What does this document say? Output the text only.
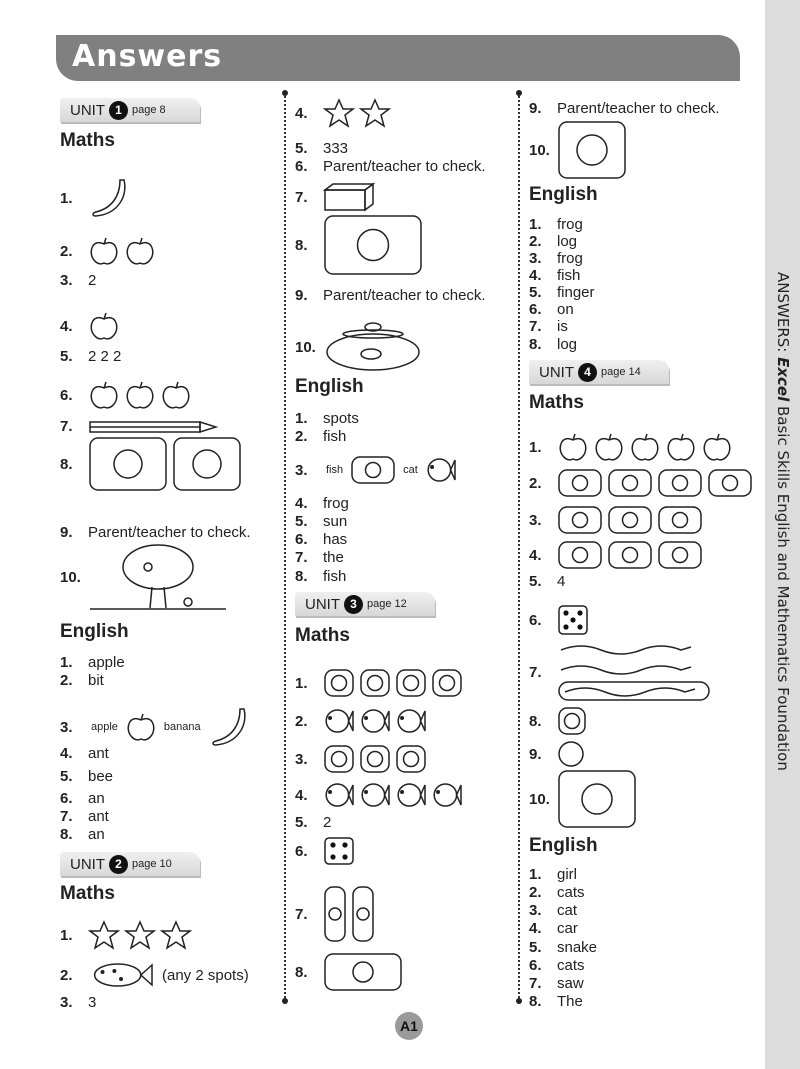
Answers
ANSWERS: Excel Basic Skills English and Mathematics Foundation
UNIT 1 page 8
Maths
1.
2.
3.	2
4.
5.	2 2 2
6.
7.
8.
9.	Parent/teacher to check.
10.
English
1.	apple
2.	bit
3.	apple	banana
4.	ant
5.	bee
6.	an
7.	ant
8.	an
UNIT 2 page 10
Maths
1.
2.	(any 2 spots)
3.	3
4.
5.	333
6.	Parent/teacher to check.
7.
8.
9.	Parent/teacher to check.
10.
English
1.	spots
2.	fish
3.	fish	cat
4.	frog
5.	sun
6.	has
7.	the
8.	fish
UNIT 3 page 12
Maths
1.
2.
3.
4.
5.	2
6.
7.
8.
9.	Parent/teacher to check.
10.
English
1.	frog
2.	log
3.	frog
4.	fish
5.	finger
6.	on
7.	is
8.	log
UNIT 4 page 14
Maths
1.
2.
3.
4.
5.	4
6.
7.
8.
9.
10.
English
1.	girl
2.	cats
3.	cat
4.	car
5.	snake
6.	cats
7.	saw
8.	The
A1
